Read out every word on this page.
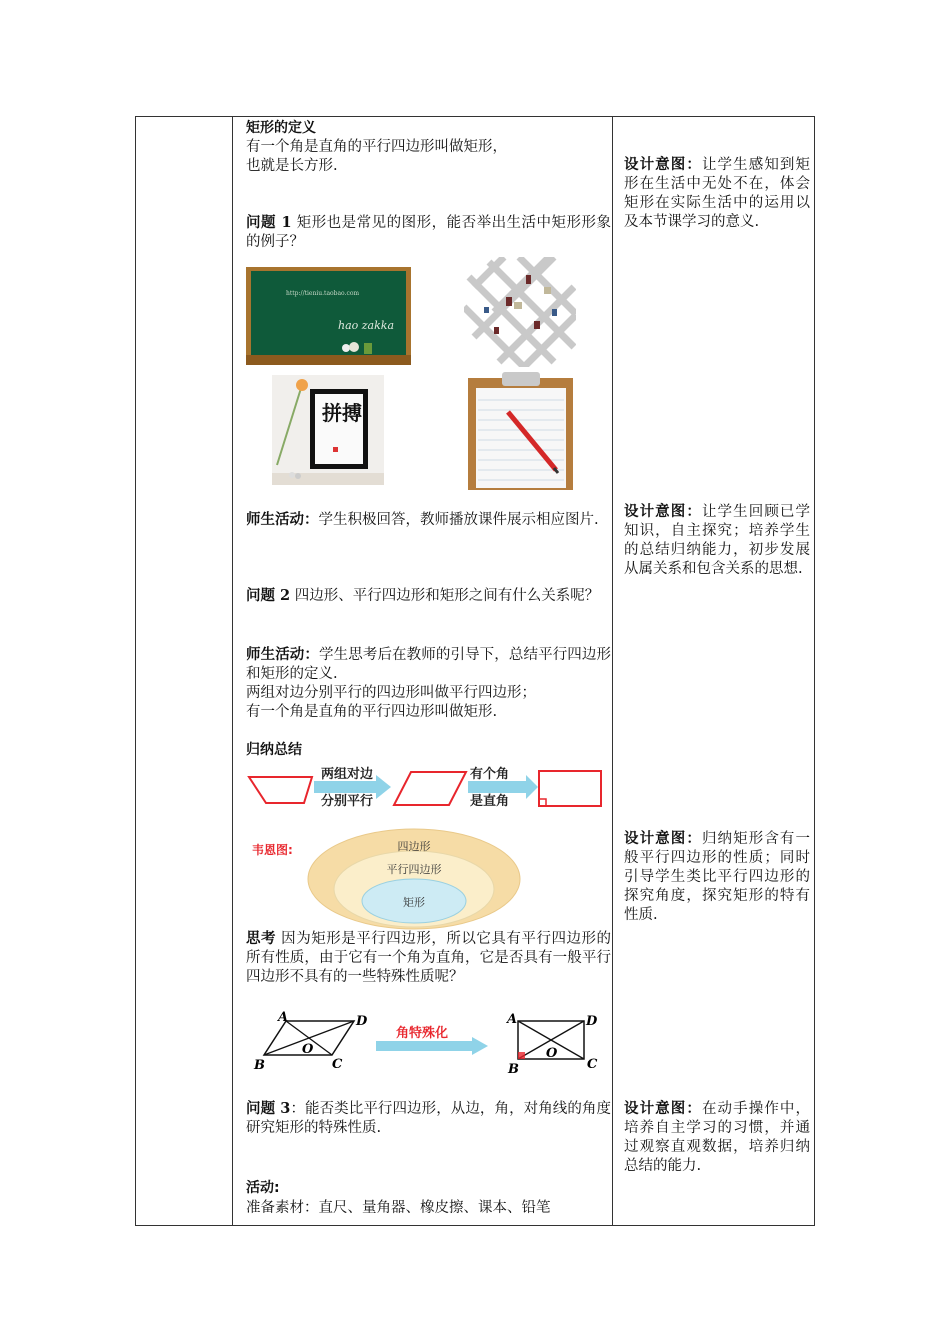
矩形的定义

有一个角是直角的平行四边形叫做矩形，

也就是长方形.

问题 1 矩形也是常见的图形，能否举出生活中矩形形象的例子？

http://tieniu.taobao.com
hao zakka
拼搏

师生活动：学生积极回答，教师播放课件展示相应图片.

问题 2 四边形、平行四边形和矩形之间有什么关系呢？

师生活动：学生思考后在教师的引导下，总结平行四边形和矩形的定义.

两组对边分别平行的四边形叫做平行四边形；

有一个角是直角的平行四边形叫做矩形.

归纳总结

两组对边
分别平行
有个角
是直角
韦恩图:	四边形
平行四边形
矩形

思考 因为矩形是平行四边形，所以它具有平行四边形的所有性质，由于它有一个角为直角，它是否具有一般平行四边形不具有的一些特殊性质呢？

A	D
B	C
O
角特殊化
A	D
B	C
O

问题 3：能否类比平行四边形，从边，角，对角线的角度研究矩形的特殊性质.

活动:

准备素材：直尺、量角器、橡皮擦、课本、铅笔

设计意图：让学生感知到矩形在生活中无处不在，体会矩形在实际生活中的运用以及本节课学习的意义.

设计意图：让学生回顾已学知识，自主探究；培养学生的总结归纳能力，初步发展从属关系和包含关系的思想.

设计意图：归纳矩形含有一般平行四边形的性质；同时引导学生类比平行四边形的探究角度，探究矩形的特有性质.

设计意图：在动手操作中，培养自主学习的习惯，并通过观察直观数据，培养归纳总结的能力.
